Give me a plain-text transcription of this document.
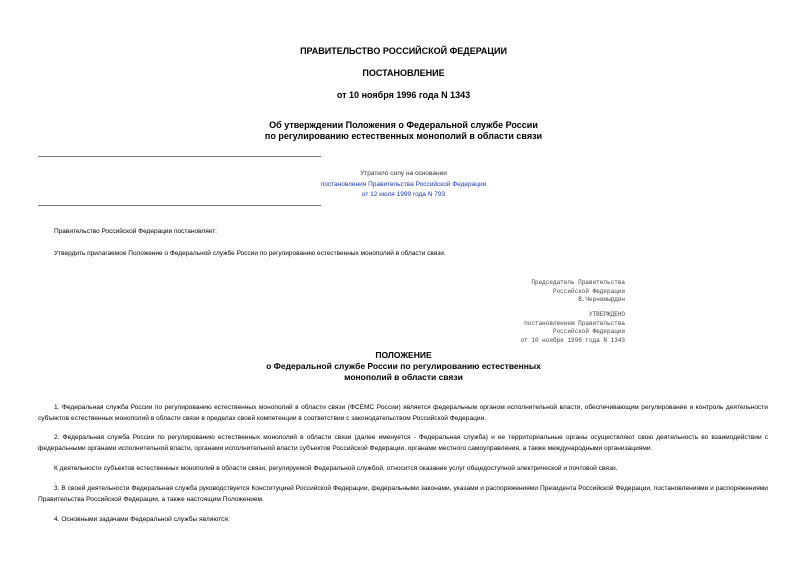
ПРАВИТЕЛЬСТВО РОССИЙСКОЙ ФЕДЕРАЦИИ
ПОСТАНОВЛЕНИЕ
от 10 ноября 1996 года N 1343
Об утверждении Положения о Федеральной службе России
по регулированию естественных монополий в области связи
Утратило силу на основании
постановления Правительства Российской Федерации
от 12 июля 1999 года N 793
Правительство Российской Федерации постановляет:
Утвердить прилагаемое Положение о Федеральной службе России по регулированию естественных монополий в области связи.
Председатель Правительства
Российской Федерации
В.Черномырдин
УТВЕРЖДЕНО
постановлением Правительства
Российской Федерации
от 10 ноября 1996 года N 1343
ПОЛОЖЕНИЕ
о Федеральной службе России по регулированию естественных
монополий в области связи
1. Федеральная служба России по регулированию естественных монополий в области связи (ФСЕМС России) является федеральным органом исполнительной власти, обеспечивающим регулирование и контроль деятельности субъектов естественных монополий в области связи в пределах своей компетенции в соответствии с законодательством Российской Федерации.
2. Федеральная служба России по регулированию естественных монополий в области связи (далее именуется - Федеральная служба) и ее территориальные органы осуществляют свою деятельность во взаимодействии с федеральными органами исполнительной власти, органами исполнительной власти субъектов Российской Федерации, органами местного самоуправления, а также международными организациями.
К деятельности субъектов естественных монополий в области связи, регулируемой Федеральной службой, относится оказание услуг общедоступной электрической и почтовой связи.
3. В своей деятельности Федеральная служба руководствуется Конституцией Российской Федерации, федеральными законами, указами и распоряжениями Президента Российской Федерации, постановлениями и распоряжениями Правительства Российской Федерации, а также настоящим Положением.
4. Основными задачами Федеральной службы являются:
